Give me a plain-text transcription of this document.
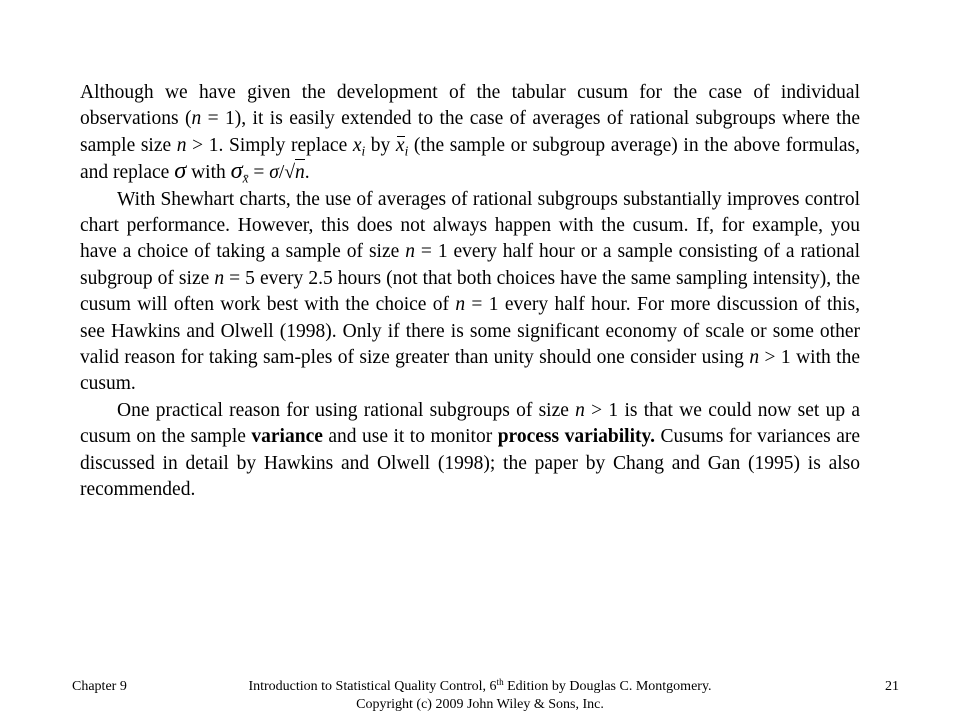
Although we have given the development of the tabular cusum for the case of individual observations (n = 1), it is easily extended to the case of averages of rational subgroups where the sample size n > 1. Simply replace $x_i$ by $x_i$ (the sample or subgroup average) in the above formulas, and replace σ with $\sigma_{x̄} = \sigma/√n$.

With Shewhart charts, the use of averages of rational subgroups substantially improves control chart performance. However, this does not always happen with the cusum. If, for example, you have a choice of taking a sample of size n = 1 every half hour or a sample consisting of a rational subgroup of size n = 5 every 2.5 hours (not that both choices have the same sampling intensity), the cusum will often work best with the choice of n = 1 every half hour. For more discussion of this, see Hawkins and Olwell (1998). Only if there is some significant economy of scale or some other valid reason for taking sam-ples of size greater than unity should one consider using n > 1 with the cusum.

One practical reason for using rational subgroups of size n > 1 is that we could now set up a cusum on the sample variance and use it to monitor process variability. Cusums for variances are discussed in detail by Hawkins and Olwell (1998); the paper by Chang and Gan (1995) is also recommended.

Chapter 9	Introduction to Statistical Quality Control, 6th Edition by Douglas C. Montgomery.
Copyright (c) 2009 John Wiley & Sons, Inc.
21
